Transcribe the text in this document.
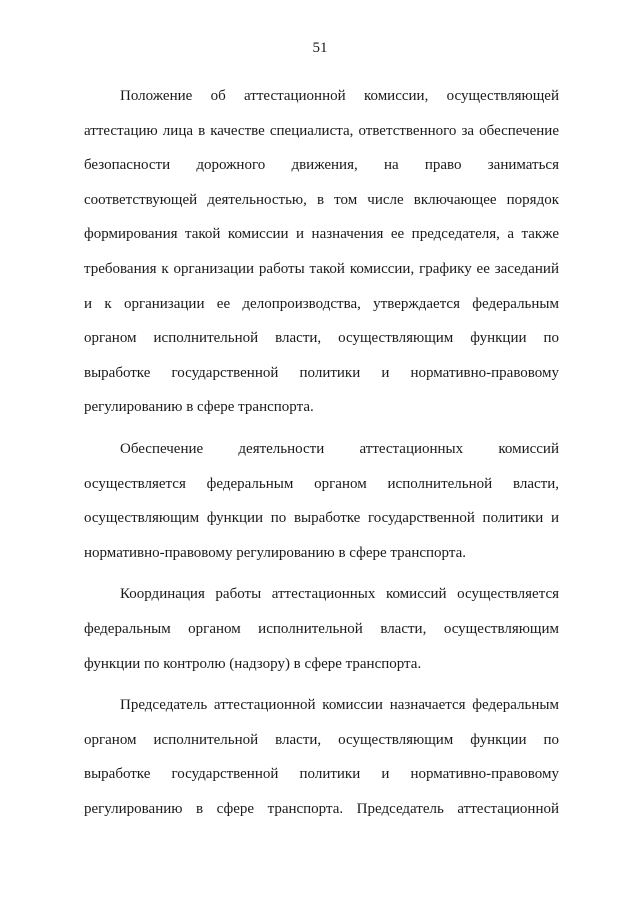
51

Положение об аттестационной комиссии, осуществляющей аттестацию лица в качестве специалиста, ответственного за обеспечение безопасности дорожного движения, на право заниматься соответствующей деятельностью, в том числе включающее порядок формирования такой комиссии и назначения ее председателя, а также требования к организации работы такой комиссии, графику ее заседаний и к организации ее делопроизводства, утверждается федеральным органом исполнительной власти, осуществляющим функции по выработке государственной политики и нормативно-правовому регулированию в сфере транспорта.

Обеспечение деятельности аттестационных комиссий осуществляется федеральным органом исполнительной власти, осуществляющим функции по выработке государственной политики и нормативно-правовому регулированию в сфере транспорта.

Координация работы аттестационных комиссий осуществляется федеральным органом исполнительной власти, осуществляющим функции по контролю (надзору) в сфере транспорта.

Председатель аттестационной комиссии назначается федеральным органом исполнительной власти, осуществляющим функции по выработке государственной политики и нормативно-правовому регулированию в сфере транспорта. Председатель аттестационной
